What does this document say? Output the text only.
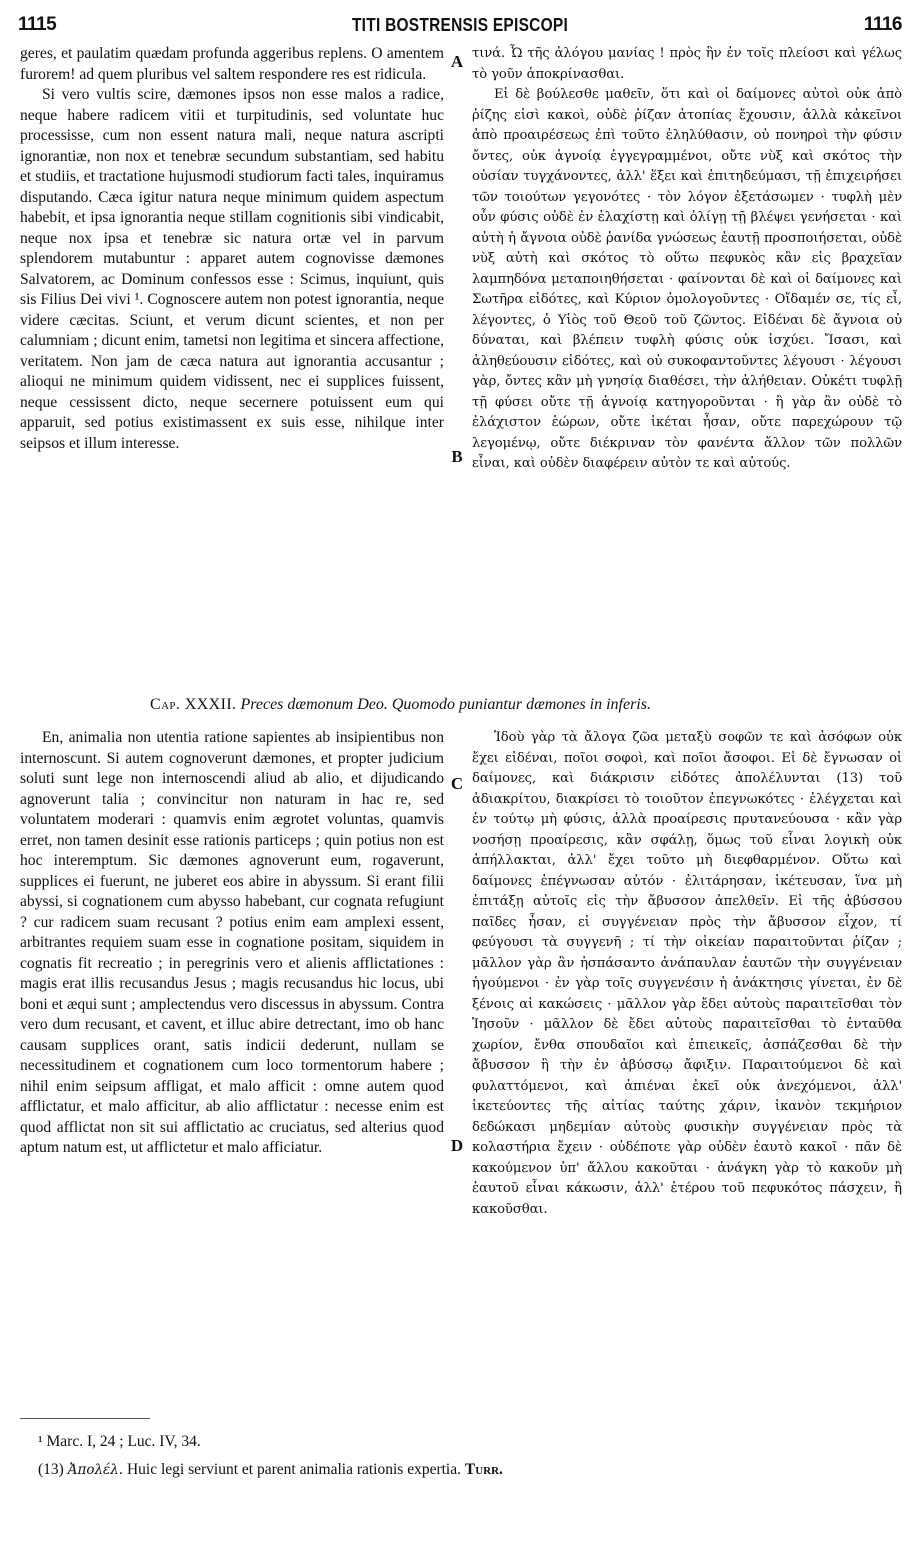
1115	TITI BOSTRENSIS EPISCOPI	1116

geres, et paulatim quædam profunda aggeribus replens. O amentem furorem! ad quem pluribus vel saltem respondere res est ridicula.

Si vero vultis scire, dæmones ipsos non esse malos a radice, neque habere radicem vitii et turpitudinis, sed voluntate huc processisse, cum non essent natura mali, neque natura ascripti ignorantiæ, non nox et tenebræ secundum substantiam, sed habitu et studiis, et tractatione hujusmodi studiorum facti tales, inquiramus disputando. Cæca igitur natura neque minimum quidem aspectum habebit, et ipsa ignorantia neque stillam cognitionis sibi vindicabit, neque nox ipsa et tenebræ sic natura ortæ vel in parvum splendorem mutabuntur : apparet autem cognovisse dæmones Salvatorem, ac Dominum confessos esse : Scimus, inquiunt, quis sis Filius Dei vivi ¹. Cognoscere autem non potest ignorantia, neque videre cæcitas. Sciunt, et verum dicunt scientes, et non per calumniam ; dicunt enim, tametsi non legitima et sincera affectione, veritatem. Non jam de cæca natura aut ignorantia accusantur ; alioqui ne minimum quidem vidissent, nec ei supplices fuissent, neque cessissent dicto, neque secernere potuissent eum qui apparuit, sed potius existimassent ex suis esse, nihilque inter seipsos et illum interesse.

τινά. Ὦ τῆς ἀλόγου μανίας ! πρὸς ἣν ἐν τοῖς πλείοσι καὶ γέλως τὸ γοῦν ἀποκρίνασθαι.

Εἰ δὲ βούλεσθε μαθεῖν, ὅτι καὶ οἱ δαίμονες αὐτοὶ οὐκ ἀπὸ ῥίζης εἰσὶ κακοὶ, οὐδὲ ῥίζαν ἀτοπίας ἔχουσιν, ἀλλὰ κἀκεῖνοι ἀπὸ προαιρέσεως ἐπὶ τοῦτο ἐληλύθασιν, οὐ πονηροὶ τὴν φύσιν ὄντες, οὐκ ἀγνοίᾳ ἐγγεγραμμένοι, οὔτε νὺξ καὶ σκότος τὴν οὐσίαν τυγχάνοντες, ἀλλ' ἕξει καὶ ἐπιτηδεύμασι, τῇ ἐπιχειρήσει τῶν τοιούτων γεγονότες · τὸν λόγον ἐξετάσωμεν · τυφλὴ μὲν οὖν φύσις οὐδὲ ἐν ἐλαχίστῃ καὶ ὀλίγῃ τῇ βλέψει γενήσεται · καὶ αὐτὴ ἡ ἄγνοια οὐδὲ ῥανίδα γνώσεως ἑαυτῇ προσποιήσεται, οὐδὲ νὺξ αὐτὴ καὶ σκότος τὸ οὕτω πεφυκὸς κἂν εἰς βραχεῖαν λαμπηδόνα μεταποιηθήσεται · φαίνονται δὲ καὶ οἱ δαίμονες καὶ Σωτῆρα εἰδότες, καὶ Κύριον ὁμολογοῦντες · Οἴδαμέν σε, τίς εἶ, λέγοντες, ὁ Υἱὸς τοῦ Θεοῦ τοῦ ζῶντος. Εἰδέναι δὲ ἄγνοια οὐ δύναται, καὶ βλέπειν τυφλὴ φύσις οὐκ ἰσχύει. Ἴσασι, καὶ ἀληθεύουσιν εἰδότες, καὶ οὐ συκοφαντοῦντες λέγουσι · λέγουσι γὰρ, ὄντες κἂν μὴ γνησίᾳ διαθέσει, τὴν ἀλήθειαν. Οὐκέτι τυφλῇ τῇ φύσει οὔτε τῇ ἀγνοίᾳ κατηγοροῦνται · ἢ γὰρ ἂν οὐδὲ τὸ ἐλάχιστον ἑώρων, οὔτε ἱκέται ἦσαν, οὔτε παρεχώρουν τῷ λεγομένῳ, οὔτε διέκριναν τὸν φανέντα ἄλλον τῶν πολλῶν εἶναι, καὶ οὐδὲν διαφέρειν αὐτὸν τε καὶ αὐτούς.

A
B
C
D
Cap. XXXII. Preces dæmonum Deo. Quomodo puniantur dæmones in inferis.

En, animalia non utentia ratione sapientes ab insipientibus non internoscunt. Si autem cognoverunt dæmones, et propter judicium soluti sunt lege non internoscendi aliud ab alio, et dijudicando agnoverunt talia ; convincitur non naturam in hac re, sed voluntatem moderari : quamvis enim ægrotet voluntas, quamvis erret, non tamen desinit esse rationis particeps ; quin potius non est hoc interemptum. Sic dæmones agnoverunt eum, rogaverunt, supplices ei fuerunt, ne juberet eos abire in abyssum. Si erant filii abyssi, si cognationem cum abysso habebant, cur cognata refugiunt ? cur radicem suam recusant ? potius enim eam amplexi essent, arbitrantes requiem suam esse in cognatione positam, siquidem in cognatis fit recreatio ; in peregrinis vero et alienis afflictationes : magis erat illis recusandus Jesus ; magis recusandus hic locus, ubi boni et æqui sunt ; amplectendus vero discessus in abyssum. Contra vero dum recusant, et cavent, et illuc abire detrectant, imo ob hanc causam supplices orant, satis indicii dederunt, nullam se necessitudinem et cognationem cum loco tormentorum habere ; nihil enim seipsum affligat, et malo afficit : omne autem quod afflictatur, et malo afficitur, ab alio afflictatur : necesse enim est quod afflictat non sit sui afflictatio ac cruciatus, sed alterius quod aptum natum est, ut afflictetur et malo afficiatur.

Ἰδοὺ γὰρ τὰ ἄλογα ζῶα μεταξὺ σοφῶν τε καὶ ἀσόφων οὐκ ἔχει εἰδέναι, ποῖοι σοφοὶ, καὶ ποῖοι ἄσοφοι. Εἰ δὲ ἔγνωσαν οἱ δαίμονες, καὶ διάκρισιν εἰδότες ἀπολέλυνται (13) τοῦ ἀδιακρίτου, διακρίσει τὸ τοιοῦτον ἐπεγνωκότες · ἐλέγχεται καὶ ἐν τούτῳ μὴ φύσις, ἀλλὰ προαίρεσις πρυτανεύουσα · κἂν γὰρ νοσήσῃ προαίρεσις, κἂν σφάλῃ, ὅμως τοῦ εἶναι λογικὴ οὐκ ἀπήλλακται, ἀλλ' ἔχει τοῦτο μὴ διεφθαρμένον. Οὕτω καὶ δαίμονες ἐπέγνωσαν αὐτόν · ἐλιτάρησαν, ἱκέτευσαν, ἵνα μὴ ἐπιτάξῃ αὐτοῖς εἰς τὴν ἄβυσσον ἀπελθεῖν. Εἰ τῆς ἀβύσσου παῖδες ἦσαν, εἰ συγγένειαν πρὸς τὴν ἄβυσσον εἶχον, τί φεύγουσι τὰ συγγενῆ ; τί τὴν οἰκείαν παραιτοῦνται ῥίζαν ; μᾶλλον γὰρ ἂν ἠσπάσαντο ἀνάπαυλαν ἑαυτῶν τὴν συγγένειαν ἡγούμενοι · ἐν γὰρ τοῖς συγγενέσιν ἡ ἀνάκτησις γίνεται, ἐν δὲ ξένοις αἱ κακώσεις · μᾶλλον γὰρ ἔδει αὐτοὺς παραιτεῖσθαι τὸν Ἰησοῦν · μᾶλλον δὲ ἔδει αὐτοὺς παραιτεῖσθαι τὸ ἐνταῦθα χωρίον, ἔνθα σπουδαῖοι καὶ ἐπιεικεῖς, ἀσπάζεσθαι δὲ τὴν ἄβυσσον ἢ τὴν ἐν ἀβύσσῳ ἄφιξιν. Παραιτούμενοι δὲ καὶ φυλαττόμενοι, καὶ ἀπιέναι ἐκεῖ οὐκ ἀνεχόμενοι, ἀλλ' ἱκετεύοντες τῆς αἰτίας ταύτης χάριν, ἱκανὸν τεκμήριον δεδώκασι μηδεμίαν αὐτοὺς φυσικὴν συγγένειαν πρὸς τὰ κολαστήρια ἔχειν · οὐδέποτε γὰρ οὐδὲν ἑαυτὸ κακοῖ · πᾶν δὲ κακούμενον ὑπ' ἄλλου κακοῦται · ἀνάγκη γὰρ τὸ κακοῦν μὴ ἑαυτοῦ εἶναι κάκωσιν, ἀλλ' ἑτέρου τοῦ πεφυκότος πάσχειν, ἢ κακοῦσθαι.

¹ Marc. I, 24 ; Luc. IV, 34.
(13) Ἀπολέλ. Huic legi serviunt et parent animalia rationis expertia. Turr.
